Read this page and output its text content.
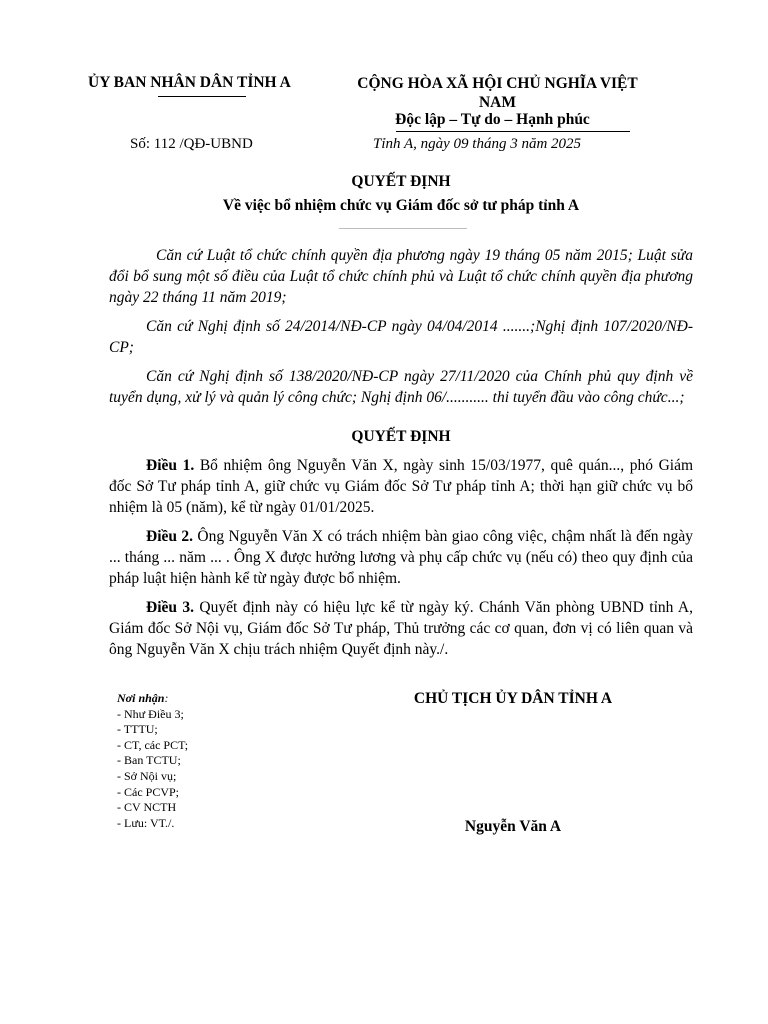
ỦY BAN NHÂN DÂN TỈNH A	CỘNG HÒA XÃ HỘI CHỦ NGHĨA VIỆT
NAM
Độc lập – Tự do – Hạnh phúc
Số: 112 /QĐ-UBND	Tỉnh A, ngày 09 tháng 3 năm 2025
QUYẾT ĐỊNH
Về việc bổ nhiệm chức vụ Giám đốc sở tư pháp tỉnh A

Căn cứ Luật tổ chức chính quyền địa phương ngày 19 tháng 05 năm 2015; Luật sửa đổi bổ sung một số điều của Luật tổ chức chính phủ và Luật tổ chức chính quyền địa phương ngày 22 tháng 11 năm 2019;

Căn cứ Nghị định số 24/2014/NĐ-CP ngày 04/04/2014 .......;Nghị định 107/2020/NĐ-CP;

Căn cứ Nghị định số 138/2020/NĐ-CP ngày 27/11/2020 của Chính phủ quy định về tuyển dụng, xử lý và quản lý công chức; Nghị định 06/........... thi tuyển đầu vào công chức...;

QUYẾT ĐỊNH

Điều 1. Bổ nhiệm ông Nguyễn Văn X, ngày sinh 15/03/1977, quê quán..., phó Giám đốc Sở Tư pháp tỉnh A, giữ chức vụ Giám đốc Sở Tư pháp tỉnh A; thời hạn giữ chức vụ bổ nhiệm là 05 (năm), kể từ ngày 01/01/2025.

Điều 2. Ông Nguyễn Văn X có trách nhiệm bàn giao công việc, chậm nhất là đến ngày ... tháng ... năm ... . Ông X được hưởng lương và phụ cấp chức vụ (nếu có) theo quy định của pháp luật hiện hành kể từ ngày được bổ nhiệm.

Điều 3. Quyết định này có hiệu lực kể từ ngày ký. Chánh Văn phòng UBND tỉnh A, Giám đốc Sở Nội vụ, Giám đốc Sở Tư pháp, Thủ trưởng các cơ quan, đơn vị có liên quan và ông Nguyễn Văn X chịu trách nhiệm Quyết định này./.

Nơi nhận:
- Như Điều 3;
- TTTU;
- CT, các PCT;
- Ban TCTU;
- Sở Nội vụ;
- Các PCVP;
- CV NCTH
- Lưu: VT./.
CHỦ TỊCH ỦY DÂN TỈNH A
Nguyễn Văn A
